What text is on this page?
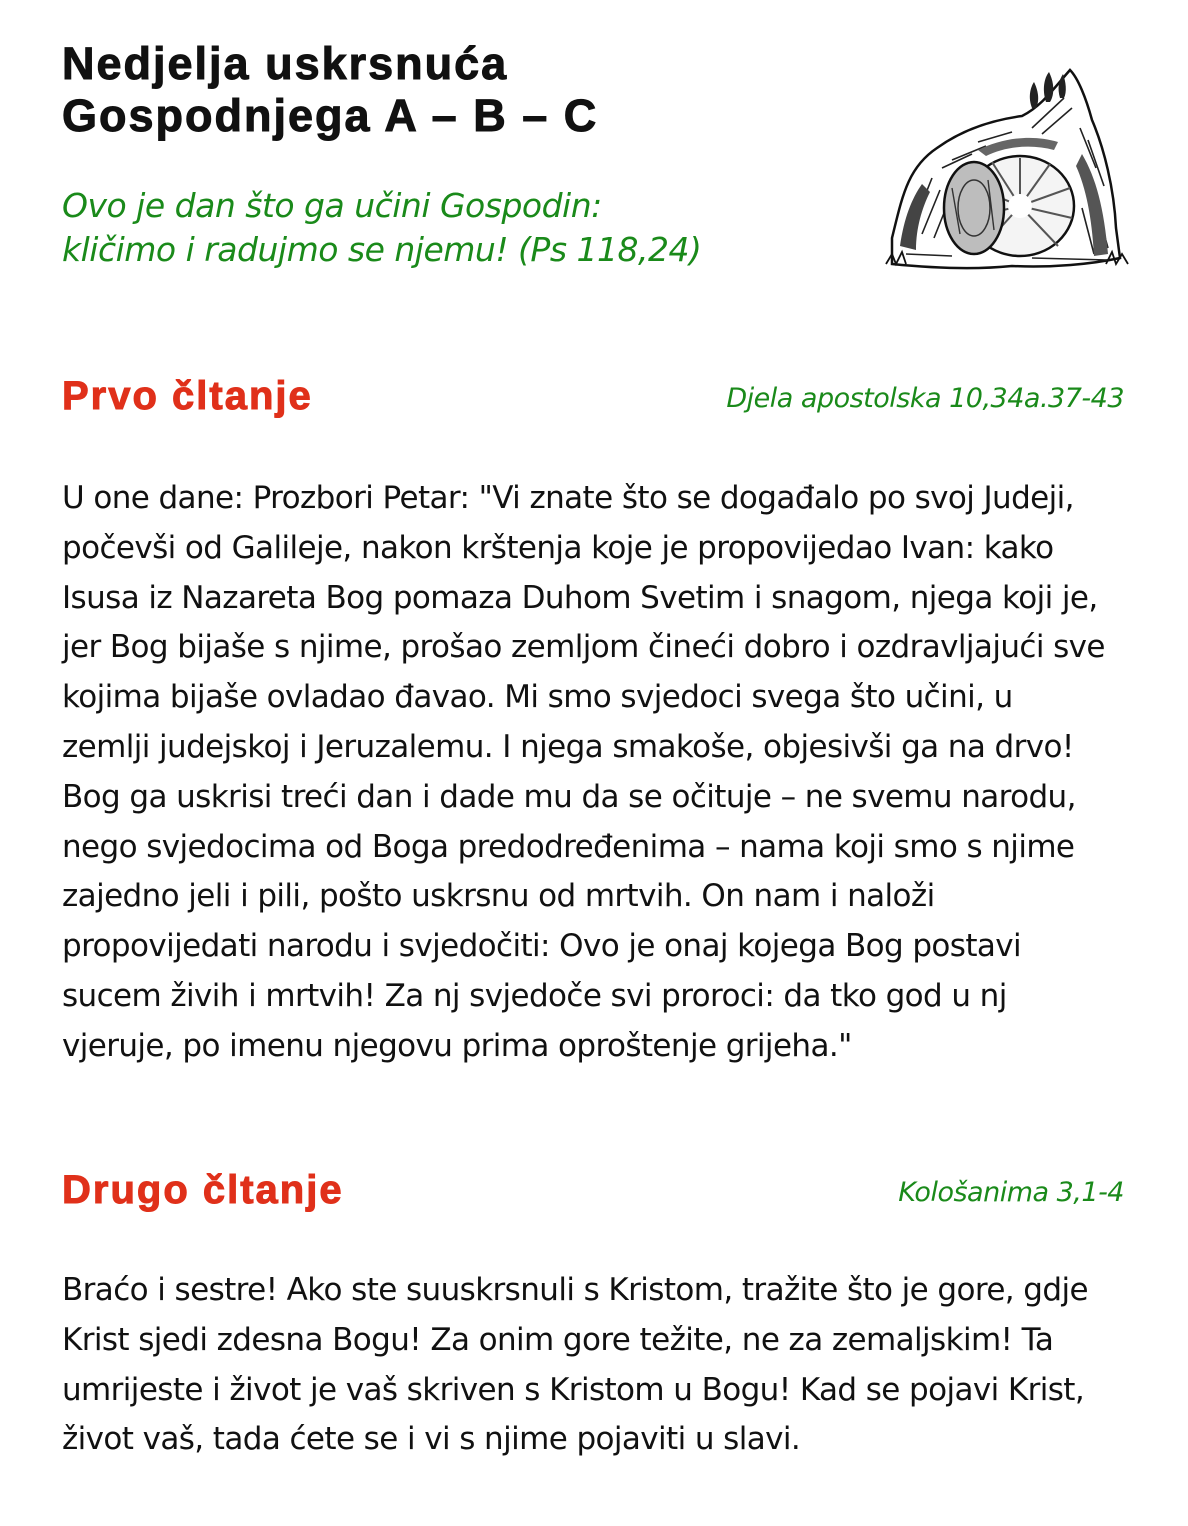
Nedjelja uskrsnuća
Gospodnjega A – B – C

Ovo je dan što ga učini Gospodin:
kličimo i radujmo se njemu! (Ps 118,24)

Prvo čltanje	Djela apostolska 10,34a.37-43
U one dane: Prozbori Petar: "Vi znate što se događalo po svoj Judeji,
počevši od Galileje, nakon krštenja koje je propovijedao Ivan: kako
Isusa iz Nazareta Bog pomaza Duhom Svetim i snagom, njega koji je,
jer Bog bijaše s njime, prošao zemljom čineći dobro i ozdravljajući sve
kojima bijaše ovladao đavao. Mi smo svjedoci svega što učini, u
zemlji judejskoj i Jeruzalemu. I njega smakoše, objesivši ga na drvo!
Bog ga uskrisi treći dan i dade mu da se očituje – ne svemu narodu,
nego svjedocima od Boga predodređenima – nama koji smo s njime
zajedno jeli i pili, pošto uskrsnu od mrtvih. On nam i naloži
propovijedati narodu i svjedočiti: Ovo je onaj kojega Bog postavi
sucem živih i mrtvih! Za nj svjedoče svi proroci: da tko god u nj
vjeruje, po imenu njegovu prima oproštenje grijeha."
Drugo čltanje	Kološanima 3,1-4
Braćo i sestre! Ako ste suuskrsnuli s Kristom, tražite što je gore, gdje
Krist sjedi zdesna Bogu! Za onim gore težite, ne za zemaljskim! Ta
umrijeste i život je vaš skriven s Kristom u Bogu! Kad se pojavi Krist,
život vaš, tada ćete se i vi s njime pojaviti u slavi.
